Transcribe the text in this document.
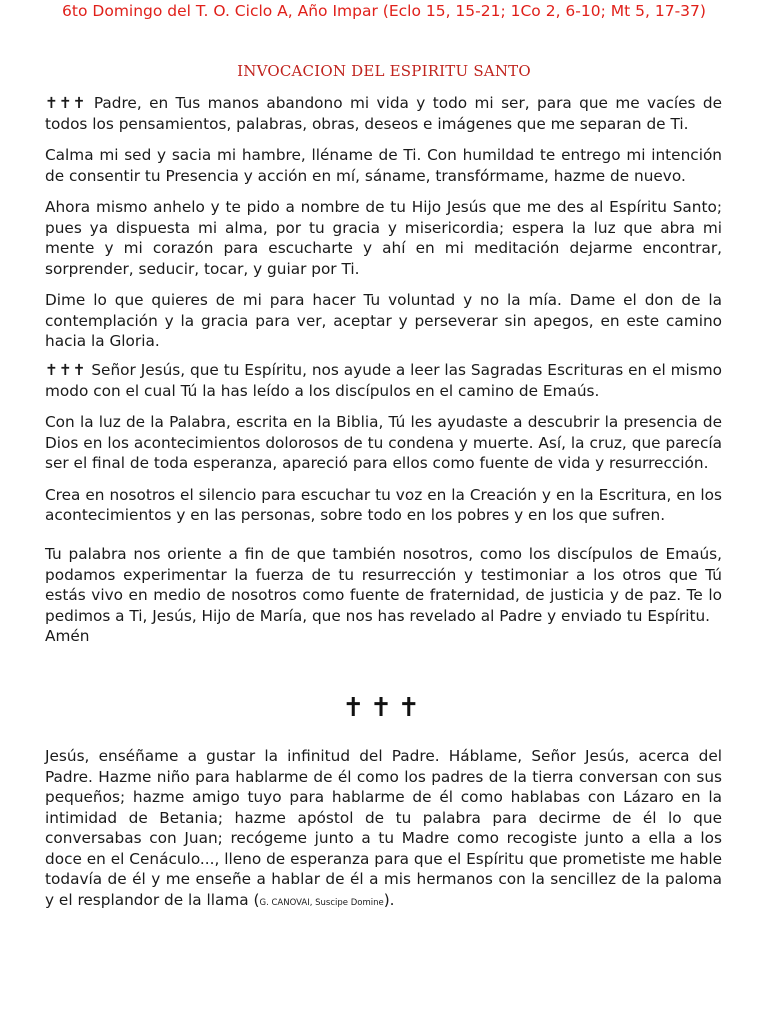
6to Domingo del T. O. Ciclo A, Año Impar (Eclo 15, 15-21; 1Co 2, 6-10; Mt 5, 17-37)
INVOCACION DEL ESPIRITU SANTO

✝✝✝ Padre, en Tus manos abandono mi vida y todo mi ser, para que me vacíes de todos los pensamientos, palabras, obras, deseos e imágenes que me separan de Ti.

Calma mi sed y sacia mi hambre, lléname de Ti. Con humildad te entrego mi intención de consentir tu Presencia y acción en mí, sáname, transfórmame, hazme de nuevo.

Ahora mismo anhelo y te pido a nombre de tu Hijo Jesús que me des al Espíritu Santo; pues ya dispuesta mi alma, por tu gracia y misericordia; espera la luz que abra mi mente y mi corazón para escucharte y ahí en mi meditación dejarme encontrar, sorprender, seducir, tocar, y guiar por Ti.

Dime lo que quieres de mi para hacer Tu voluntad y no la mía. Dame el don de la contemplación y la gracia para ver, aceptar y perseverar sin apegos, en este camino hacia la Gloria.

✝✝✝ Señor Jesús, que tu Espíritu, nos ayude a leer las Sagradas Escrituras en el mismo modo con el cual Tú la has leído a los discípulos en el camino de Emaús.

Con la luz de la Palabra, escrita en la Biblia, Tú les ayudaste a descubrir la presencia de Dios en los acontecimientos dolorosos de tu condena y muerte. Así, la cruz, que parecía ser el final de toda esperanza, apareció para ellos como fuente de vida y resurrección.

Crea en nosotros el silencio para escuchar tu voz en la Creación y en la Escritura, en los acontecimientos y en las personas, sobre todo en los pobres y en los que sufren.

Tu palabra nos oriente a fin de que también nosotros, como los discípulos de Emaús, podamos experimentar la fuerza de tu resurrección y testimoniar a los otros que Tú estás vivo en medio de nosotros como fuente de fraternidad, de justicia y de paz. Te lo pedimos a Ti, Jesús, Hijo de María, que nos has revelado al Padre y enviado tu Espíritu.

Amén
✝✝✝

Jesús, enséñame a gustar la infinitud del Padre. Háblame, Señor Jesús, acerca del Padre. Hazme niño para hablarme de él como los padres de la tierra conversan con sus pequeños; hazme amigo tuyo para hablarme de él como hablabas con Lázaro en la intimidad de Betania; hazme apóstol de tu palabra para decirme de él lo que conversabas con Juan; recógeme junto a tu Madre como recogiste junto a ella a los doce en el Cenáculo..., lleno de esperanza para que el Espíritu que prometiste me hable todavía de él y me enseñe a hablar de él a mis hermanos con la sencillez de la paloma y el resplandor de la llama (G. CANOVAI, Suscipe Domine).
